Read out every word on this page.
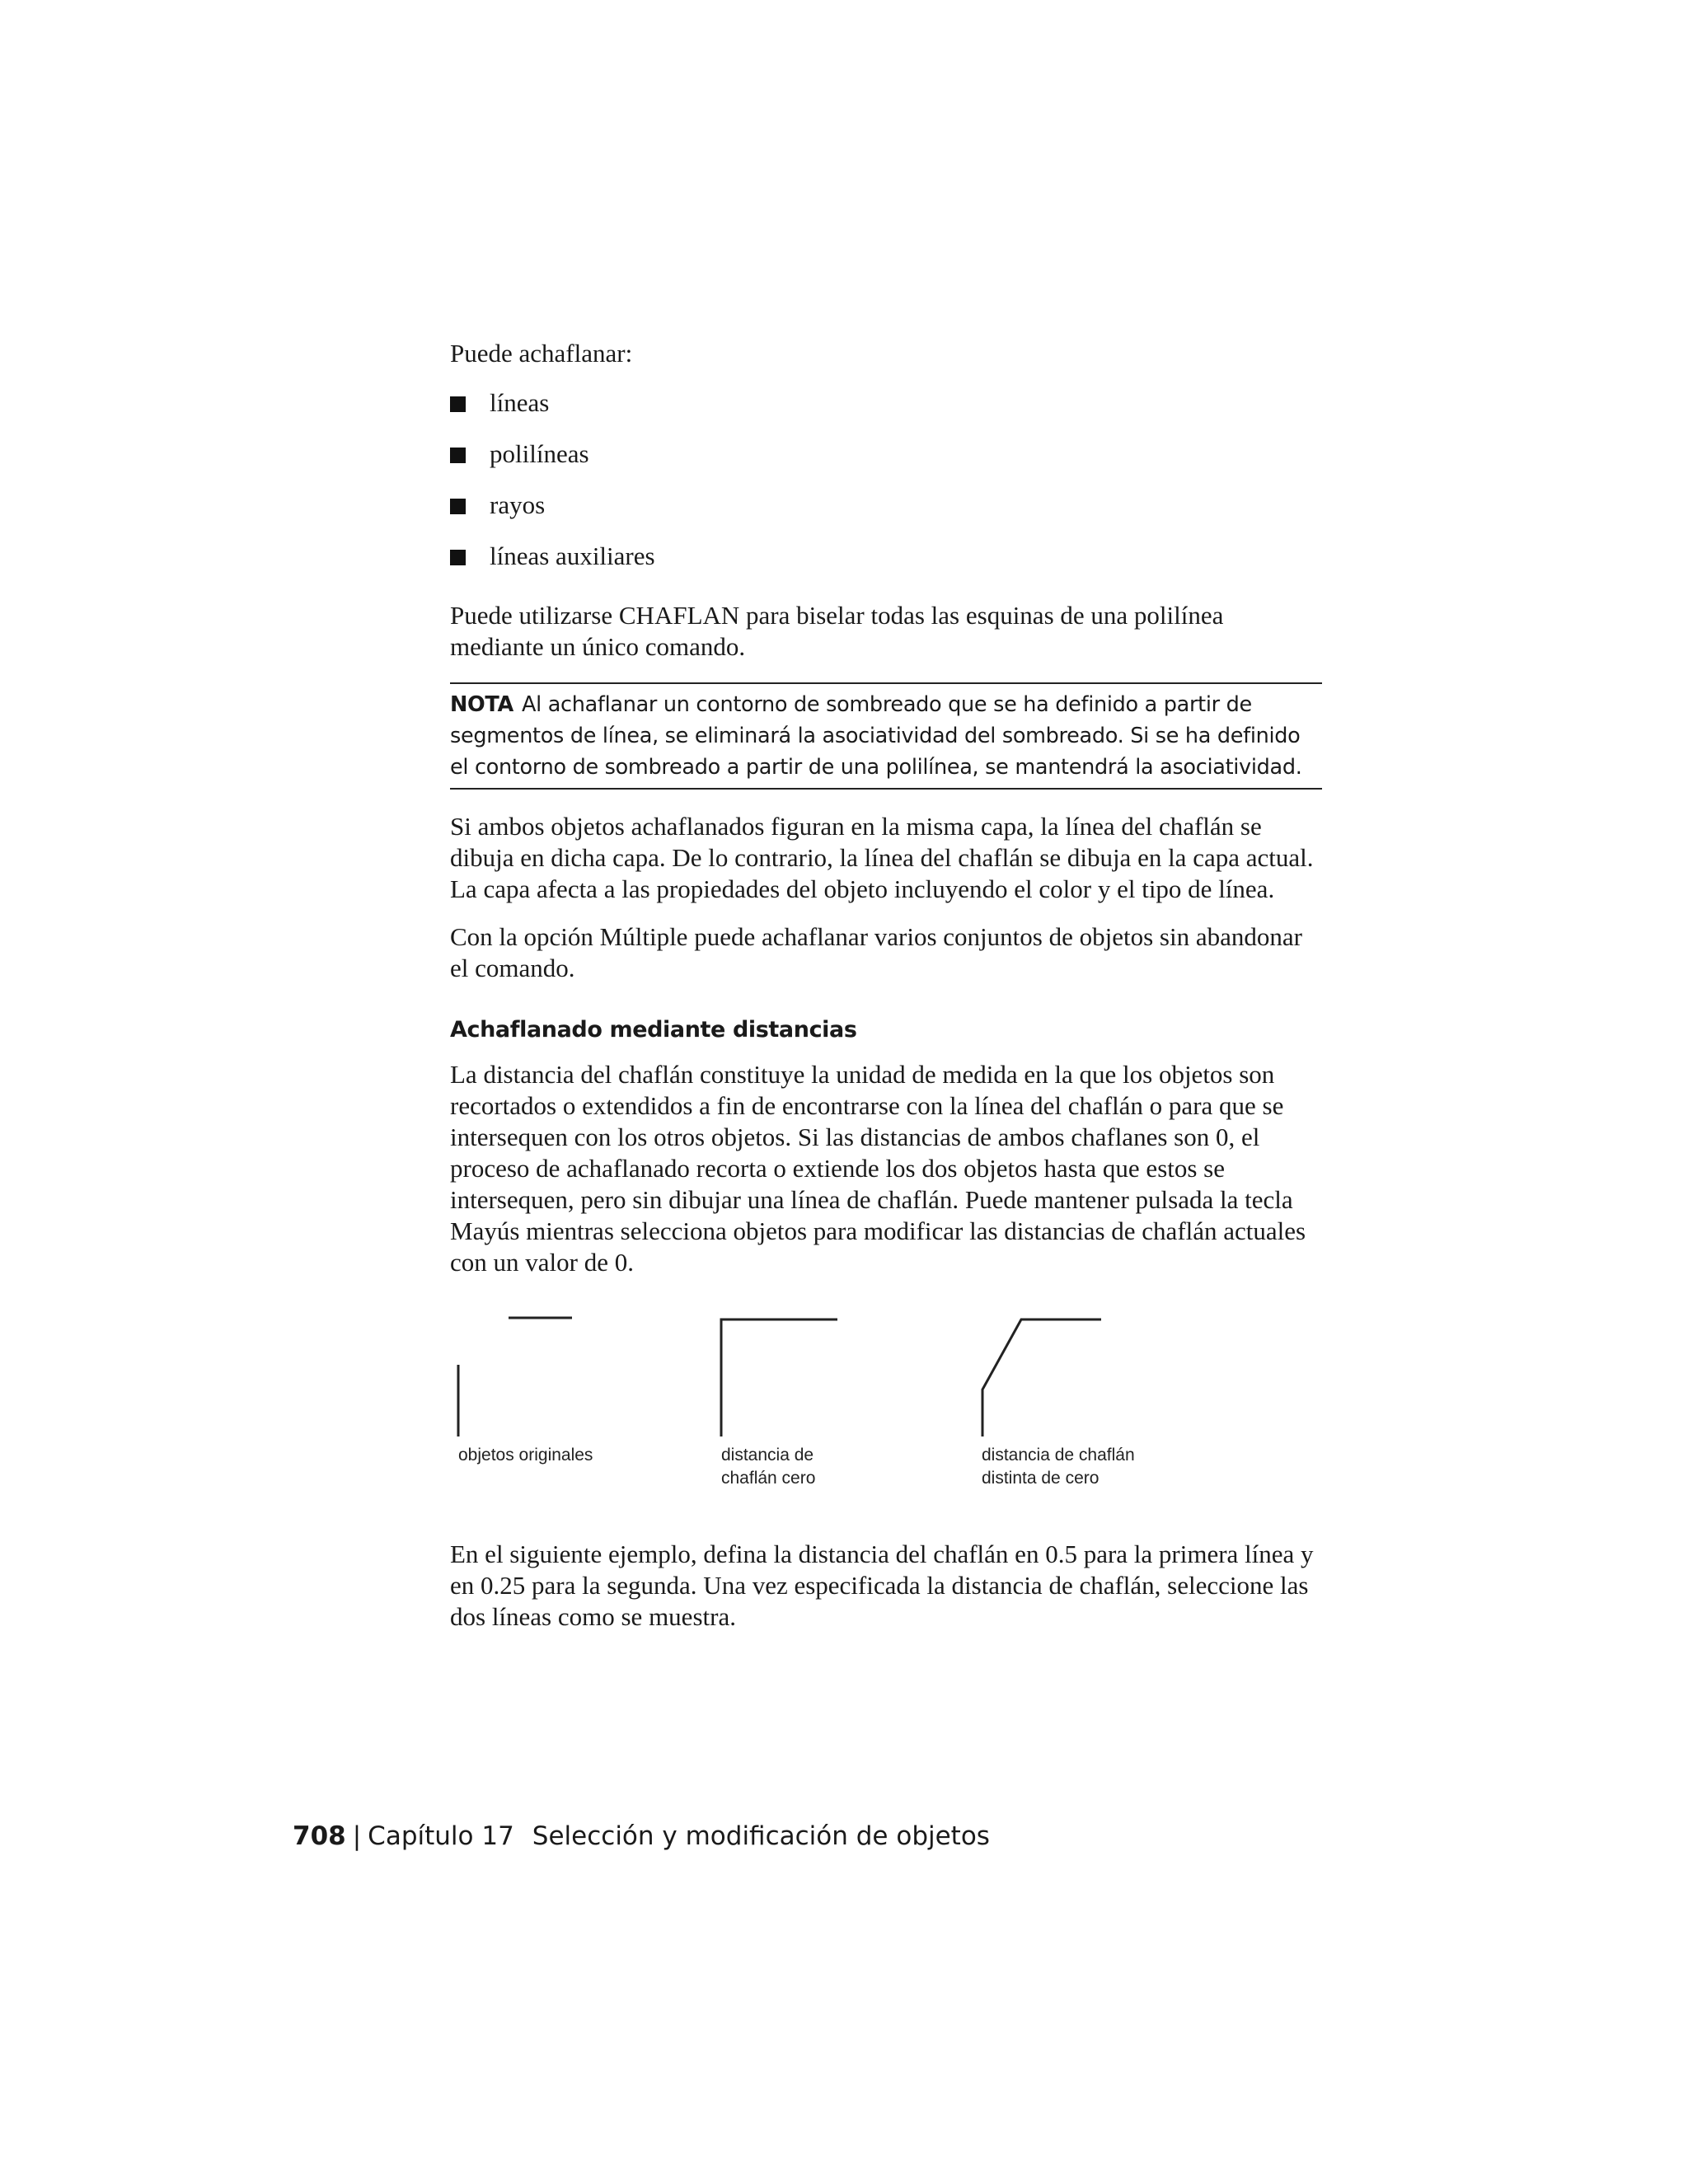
Puede achaflanar:

líneas
polilíneas
rayos
líneas auxiliares

Puede utilizarse CHAFLAN para biselar todas las esquinas de una polilínea mediante un único comando.

NOTA Al achaflanar un contorno de sombreado que se ha definido a partir de segmentos de línea, se eliminará la asociatividad del sombreado. Si se ha definido el contorno de sombreado a partir de una polilínea, se mantendrá la asociatividad.

Si ambos objetos achaflanados figuran en la misma capa, la línea del chaflán se dibuja en dicha capa. De lo contrario, la línea del chaflán se dibuja en la capa actual. La capa afecta a las propiedades del objeto incluyendo el color y el tipo de línea.

Con la opción Múltiple puede achaflanar varios conjuntos de objetos sin abandonar el comando.

Achaflanado mediante distancias

La distancia del chaflán constituye la unidad de medida en la que los objetos son recortados o extendidos a fin de encontrarse con la línea del chaflán o para que se intersequen con los otros objetos. Si las distancias de ambos chaflanes son 0, el proceso de achaflanado recorta o extiende los dos objetos hasta que estos se intersequen, pero sin dibujar una línea de chaflán. Puede mantener pulsada la tecla Mayús mientras selecciona objetos para modificar las distancias de chaflán actuales con un valor de 0.

objetos originales	distancia de
chaflán cero
distancia de chaflán
distinta de cero

En el siguiente ejemplo, defina la distancia del chaflán en 0.5 para la primera línea y en 0.25 para la segunda. Una vez especificada la distancia de chaflán, seleccione las dos líneas como se muestra.

708 | Capítulo 17 Selección y modificación de objetos
